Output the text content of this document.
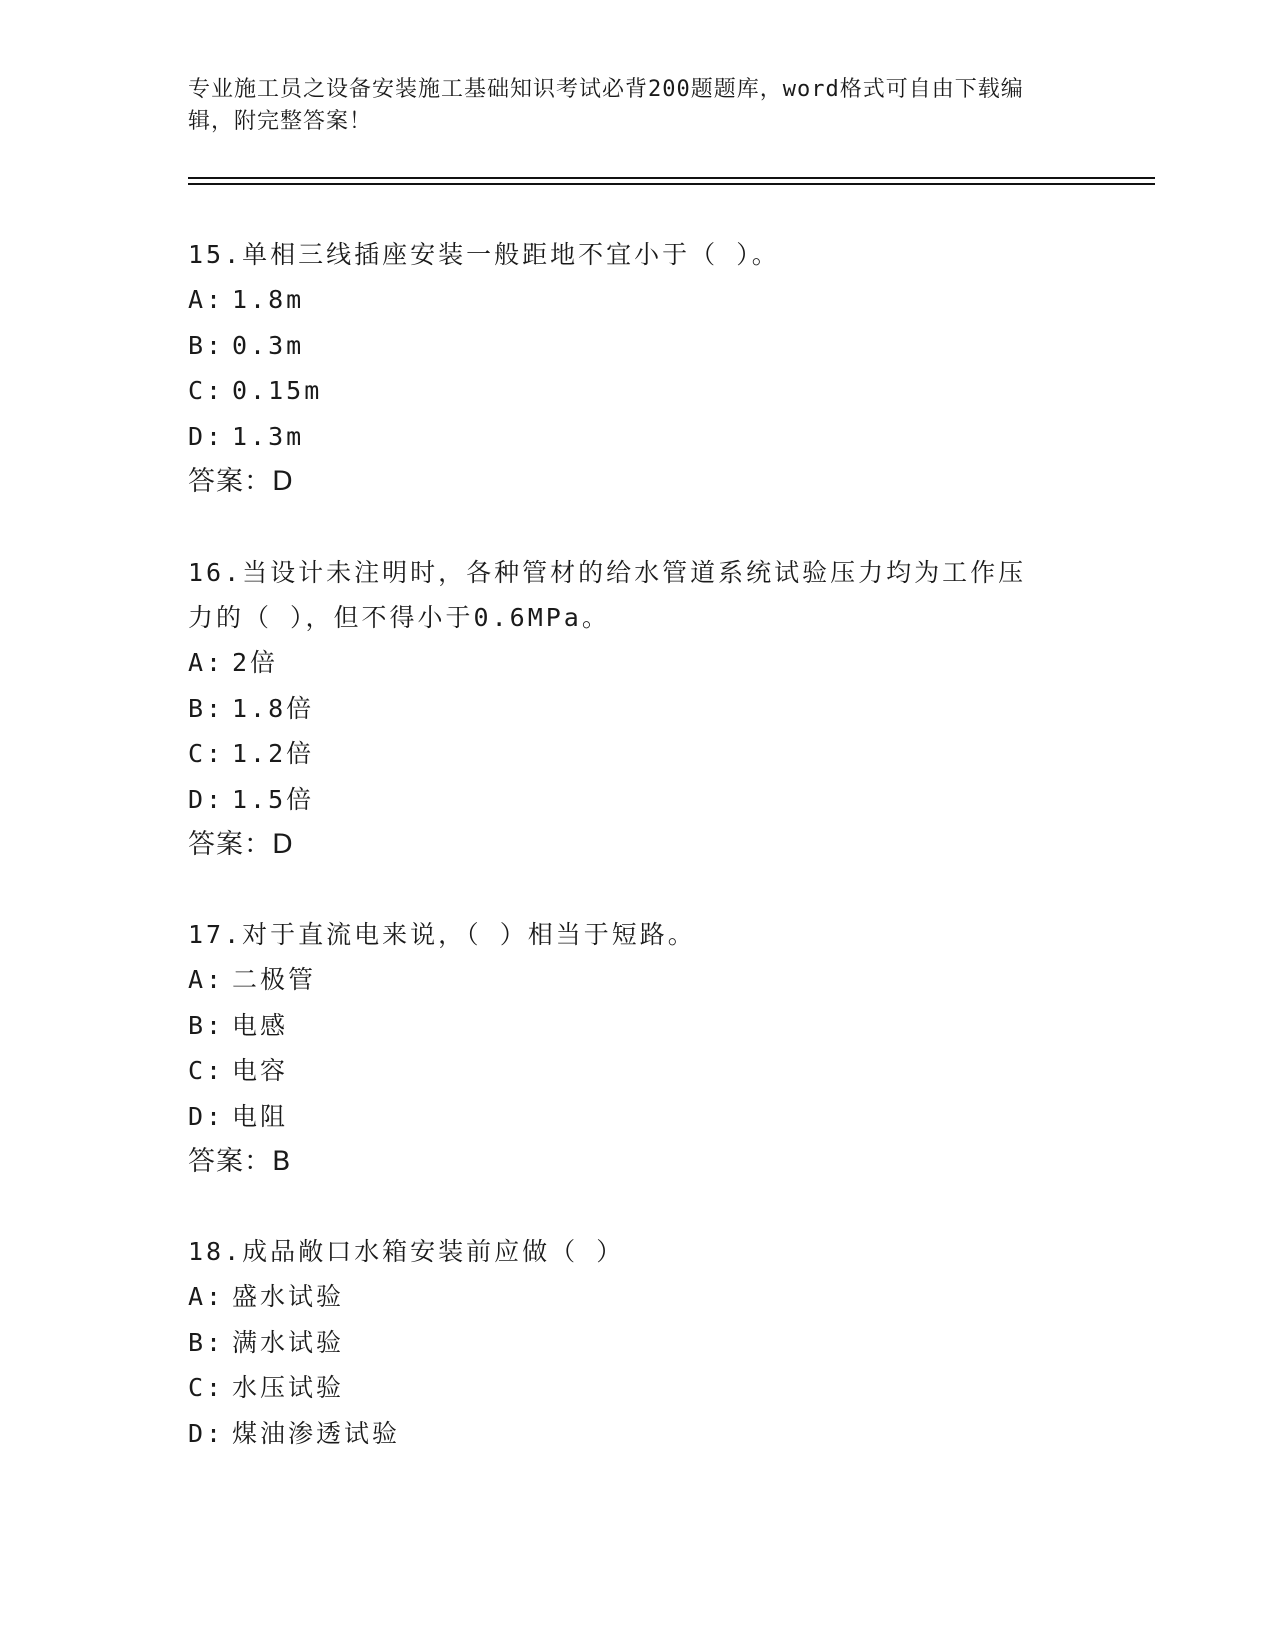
专业施工员之设备安装施工基础知识考试必背200题题库，word格式可自由下载编辑，附完整答案！

15.单相三线插座安装一般距地不宜小于（ ）。

A: 1.8m
B: 0.3m
C: 0.15m
D: 1.3m

答案：D

16.当设计未注明时，各种管材的给水管道系统试验压力均为工作压力的（ ），但不得小于0.6MPa。

A: 2倍
B: 1.8倍
C: 1.2倍
D: 1.5倍

答案：D

17.对于直流电来说，（ ）相当于短路。

A: 二极管
B: 电感
C: 电容
D: 电阻

答案：B

18.成品敞口水箱安装前应做（ ）

A: 盛水试验
B: 满水试验
C: 水压试验
D: 煤油渗透试验
